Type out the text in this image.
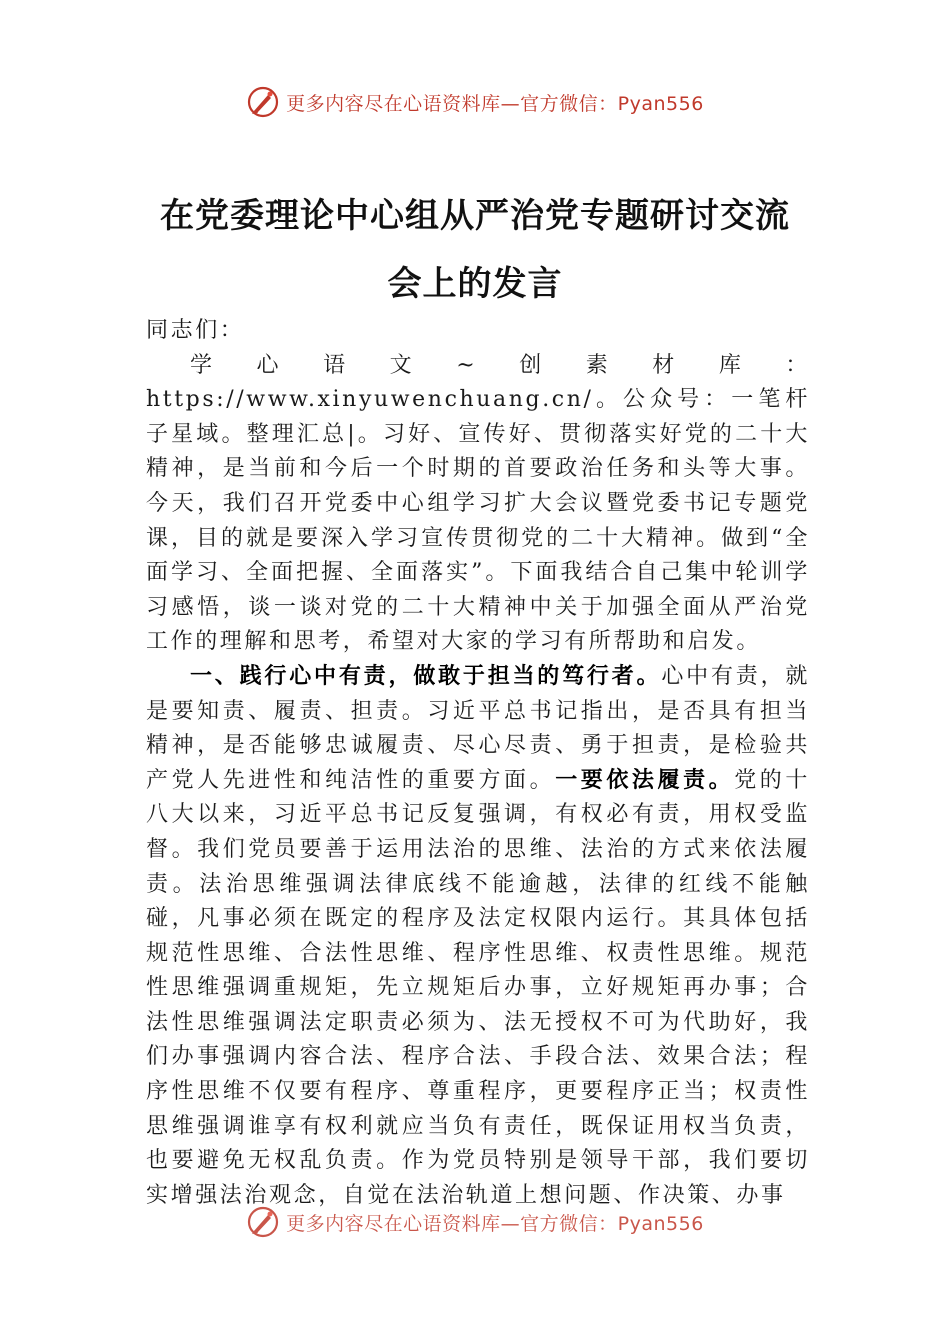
更多内容尽在心语资料库—官方微信：Pyan556
在党委理论中心组从严治党专题研讨交流
会上的发言

同志们：

学心语文~创素材库：https://www.xinyuwenchuang.cn/。公众号：一笔杆子星域。整理汇总|。习好、宣传好、贯彻落实好党的二十大精神，是当前和今后一个时期的首要政治任务和头等大事。今天，我们召开党委中心组学习扩大会议暨党委书记专题党课，目的就是要深入学习宣传贯彻党的二十大精神。做到“全面学习、全面把握、全面落实”。下面我结合自己集中轮训学习感悟，谈一谈对党的二十大精神中关于加强全面从严治党工作的理解和思考，希望对大家的学习有所帮助和启发。

一、践行心中有责，做敢于担当的笃行者。心中有责，就是要知责、履责、担责。习近平总书记指出，是否具有担当精神，是否能够忠诚履责、尽心尽责、勇于担责，是检验共产党人先进性和纯洁性的重要方面。一要依法履责。党的十八大以来，习近平总书记反复强调，有权必有责，用权受监督。我们党员要善于运用法治的思维、法治的方式来依法履责。法治思维强调法律底线不能逾越，法律的红线不能触碰，凡事必须在既定的程序及法定权限内运行。其具体包括规范性思维、合法性思维、程序性思维、权责性思维。规范性思维强调重规矩，先立规矩后办事，立好规矩再办事；合法性思维强调法定职责必须为、法无授权不可为代助好，我们办事强调内容合法、程序合法、手段合法、效果合法；程序性思维不仅要有程序、尊重程序，更要程序正当；权责性思维强调谁享有权利就应当负有责任，既保证用权当负责，也要避免无权乱负责。作为党员特别是领导干部，我们要切实增强法治观念，自觉在法治轨道上想问题、作决策、办事

更多内容尽在心语资料库—官方微信：Pyan556
